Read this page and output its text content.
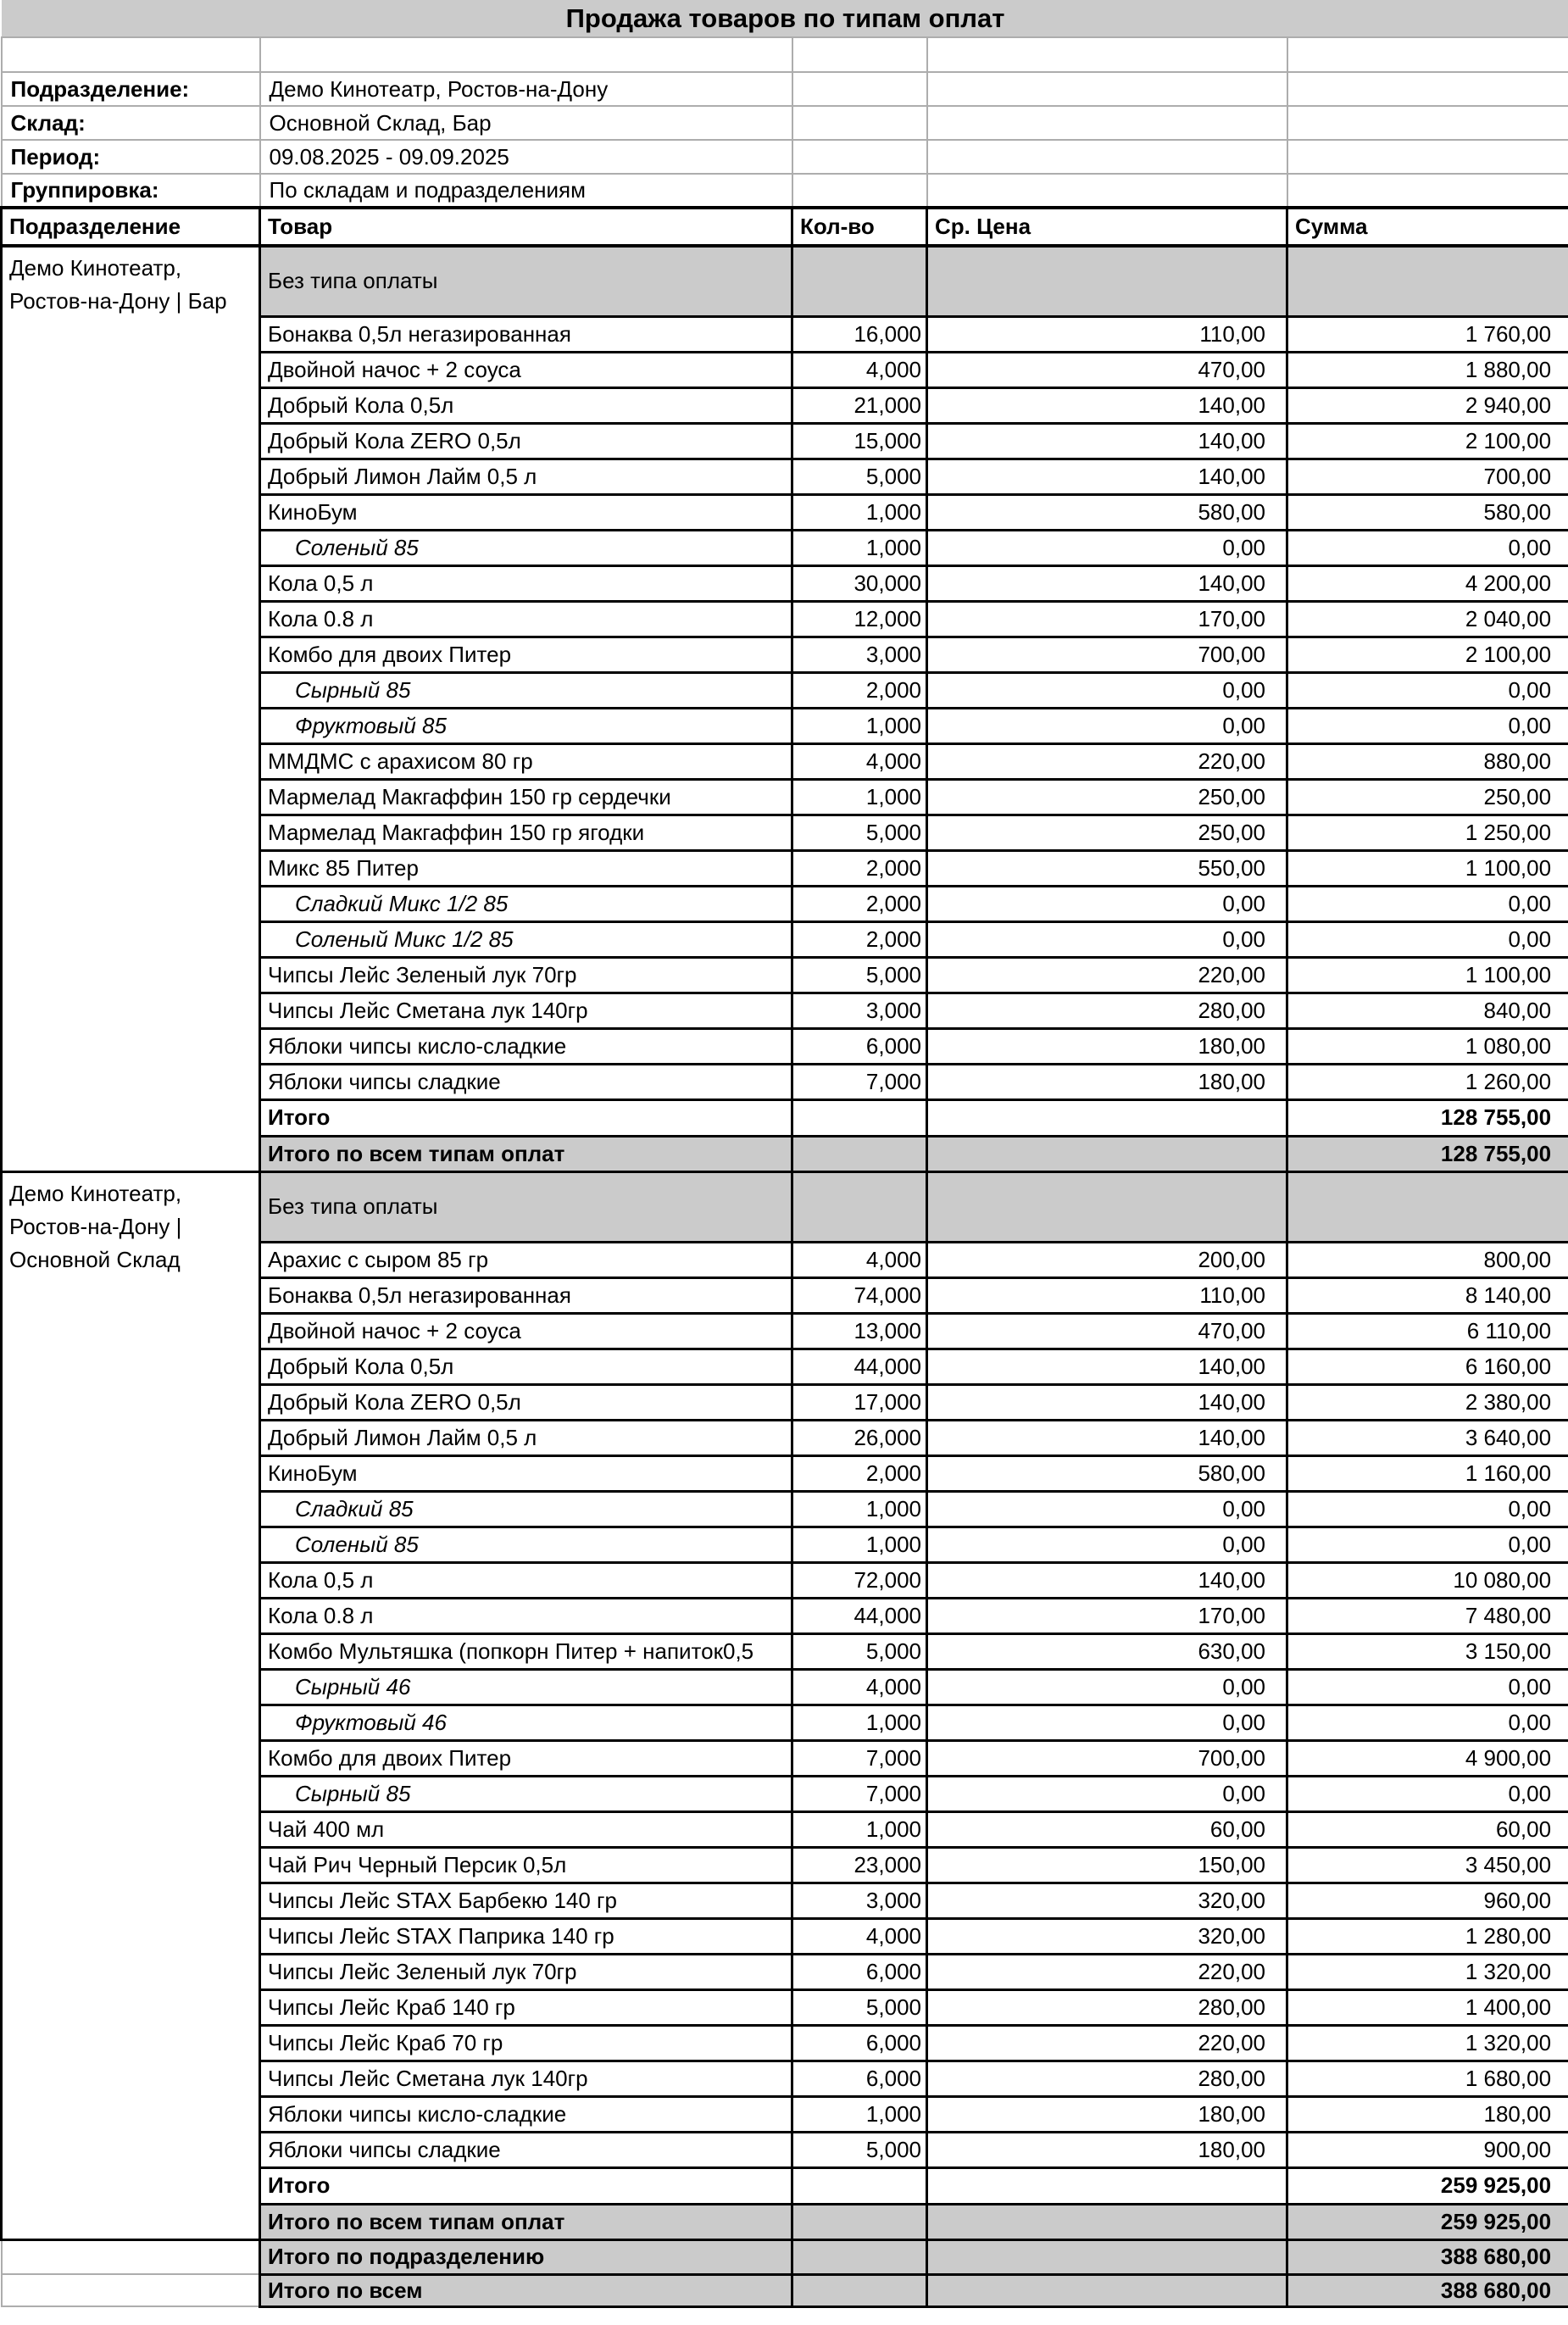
Продажа товаров по типам оплат				

Подразделение:	Демо Кинотеатр, Ростов-на-Дону			
Склад:	Основной Склад, Бар			
Период:	09.08.2025 - 09.09.2025			
Группировка:	По складам и подразделениям			
Подразделение	Товар	Кол-во	Ср. Цена	Сумма
Демо Кинотеатр, Ростов-на-Дону | Бар	Без типа оплаты			
	Бонаква 0,5л негазированная	16,000	110,00	1 760,00
	Двойной начос + 2 соуса	4,000	470,00	1 880,00
	Добрый Кола 0,5л	21,000	140,00	2 940,00
	Добрый Кола ZERO 0,5л	15,000	140,00	2 100,00
	Добрый Лимон Лайм 0,5 л	5,000	140,00	700,00
	КиноБум	1,000	580,00	580,00
	Соленый 85	1,000	0,00	0,00
	Кола 0,5 л	30,000	140,00	4 200,00
	Кола 0.8 л	12,000	170,00	2 040,00
	Комбо для двоих Питер	3,000	700,00	2 100,00
	Сырный 85	2,000	0,00	0,00
	Фруктовый 85	1,000	0,00	0,00
	ММДМС с арахисом 80 гр	4,000	220,00	880,00
	Мармелад Макгаффин 150 гр сердечки	1,000	250,00	250,00
	Мармелад Макгаффин 150 гр ягодки	5,000	250,00	1 250,00
	Микс 85 Питер	2,000	550,00	1 100,00
	Сладкий Микс 1/2 85	2,000	0,00	0,00
	Соленый Микс 1/2 85	2,000	0,00	0,00
	Чипсы Лейс Зеленый лук 70гр	5,000	220,00	1 100,00
	Чипсы Лейс Сметана лук 140гр	3,000	280,00	840,00
	Яблоки чипсы кисло-сладкие	6,000	180,00	1 080,00
	Яблоки чипсы сладкие	7,000	180,00	1 260,00
	Итого			128 755,00
	Итого по всем типам оплат			128 755,00
Демо Кинотеатр, Ростов-на-Дону | Основной Склад	Без типа оплаты			
	Арахис с сыром 85 гр	4,000	200,00	800,00
	Бонаква 0,5л негазированная	74,000	110,00	8 140,00
	Двойной начос + 2 соуса	13,000	470,00	6 110,00
	Добрый Кола 0,5л	44,000	140,00	6 160,00
	Добрый Кола ZERO 0,5л	17,000	140,00	2 380,00
	Добрый Лимон Лайм 0,5 л	26,000	140,00	3 640,00
	КиноБум	2,000	580,00	1 160,00
	Сладкий 85	1,000	0,00	0,00
	Соленый 85	1,000	0,00	0,00
	Кола 0,5 л	72,000	140,00	10 080,00
	Кола 0.8 л	44,000	170,00	7 480,00
	Комбо Мультяшка (попкорн Питер + напиток0,5	5,000	630,00	3 150,00
	Сырный 46	4,000	0,00	0,00
	Фруктовый 46	1,000	0,00	0,00
	Комбо для двоих Питер	7,000	700,00	4 900,00
	Сырный 85	7,000	0,00	0,00
	Чай 400 мл	1,000	60,00	60,00
	Чай Рич Черный Персик 0,5л	23,000	150,00	3 450,00
	Чипсы Лейс STAX Барбекю 140 гр	3,000	320,00	960,00
	Чипсы Лейс STAX Паприка 140 гр	4,000	320,00	1 280,00
	Чипсы Лейс Зеленый лук 70гр	6,000	220,00	1 320,00
	Чипсы Лейс Краб 140 гр	5,000	280,00	1 400,00
	Чипсы Лейс Краб 70 гр	6,000	220,00	1 320,00
	Чипсы Лейс Сметана лук 140гр	6,000	280,00	1 680,00
	Яблоки чипсы кисло-сладкие	1,000	180,00	180,00
	Яблоки чипсы сладкие	5,000	180,00	900,00
	Итого			259 925,00
	Итого по всем типам оплат			259 925,00
	Итого по подразделению			388 680,00
	Итого по всем			388 680,00
